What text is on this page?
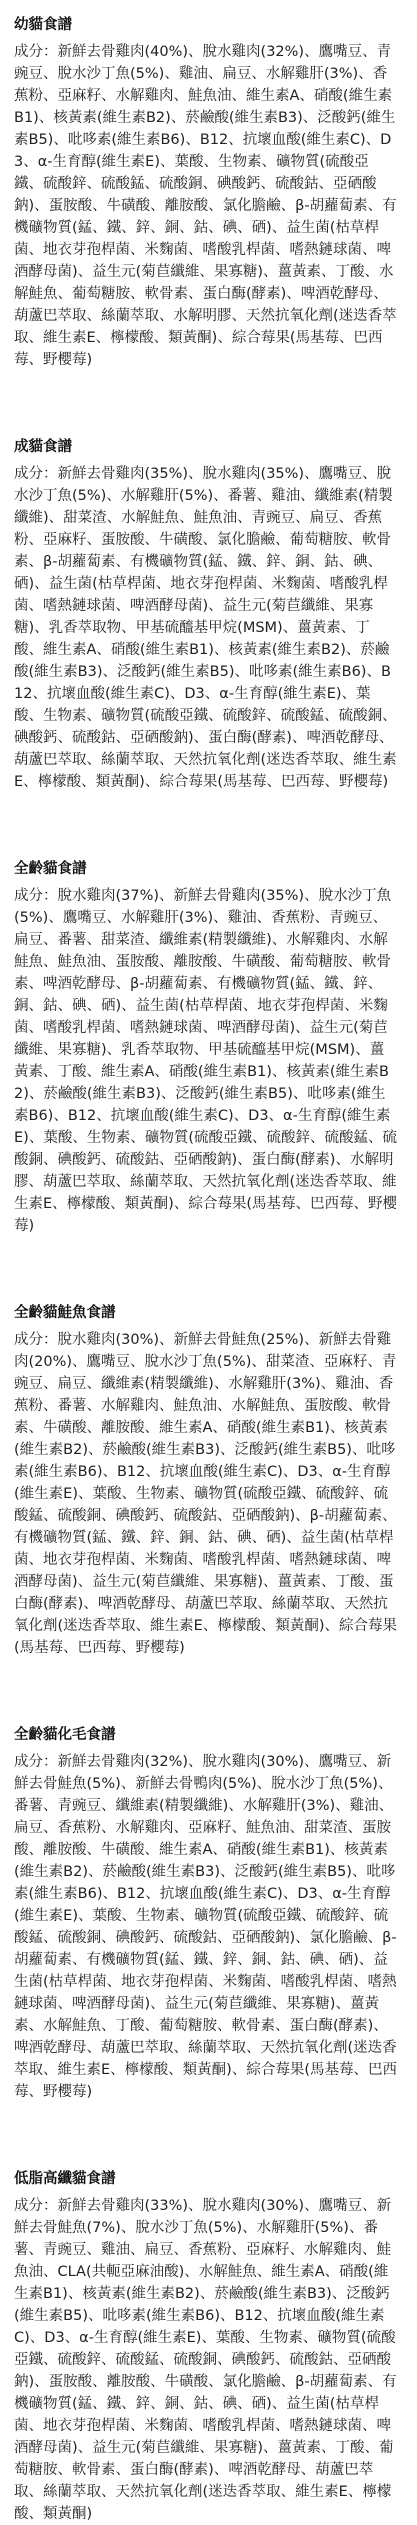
幼貓食譜

成分：新鮮去骨雞肉(40%)、脫水雞肉(32%)、鷹嘴豆、青豌豆、脫水沙丁魚(5%)、雞油、扁豆、水解雞肝(3%)、香蕉粉、亞麻籽、水解雞肉、鮭魚油、維生素A、硝酸(維生素B1)、核黃素(維生素B2)、菸鹼酸(維生素B3)、泛酸鈣(維生素B5)、吡哆素(維生素B6)、B12、抗壞血酸(維生素C)、D3、α-生育醇(維生素E)、葉酸、生物素、礦物質(硫酸亞鐵、硫酸鋅、硫酸錳、硫酸銅、碘酸鈣、硫酸鈷、亞硒酸鈉)、蛋胺酸、牛磺酸、離胺酸、氯化膽鹼、β-胡蘿蔔素、有機礦物質(錳、鐵、鋅、銅、鈷、碘、硒)、益生菌(枯草桿菌、地衣芽孢桿菌、米麴菌、嗜酸乳桿菌、嗜熱鏈球菌、啤酒酵母菌)、益生元(菊苣纖維、果寡糖)、薑黃素、丁酸、水解鮭魚、葡萄糖胺、軟骨素、蛋白酶(酵素)、啤酒乾酵母、葫蘆巴萃取、絲蘭萃取、水解明膠、天然抗氧化劑(迷迭香萃取、維生素E、檸檬酸、類黃酮)、綜合莓果(馬基莓、巴西莓、野櫻莓)

成貓食譜

成分：新鮮去骨雞肉(35%)、脫水雞肉(35%)、鷹嘴豆、脫水沙丁魚(5%)、水解雞肝(5%)、番薯、雞油、纖維素(精製纖維)、甜菜渣、水解鮭魚、鮭魚油、青豌豆、扁豆、香蕉粉、亞麻籽、蛋胺酸、牛磺酸、氯化膽鹼、葡萄糖胺、軟骨素、β-胡蘿蔔素、有機礦物質(錳、鐵、鋅、銅、鈷、碘、硒)、益生菌(枯草桿菌、地衣芽孢桿菌、米麴菌、嗜酸乳桿菌、嗜熱鏈球菌、啤酒酵母菌)、益生元(菊苣纖維、果寡糖)、乳香萃取物、甲基硫醯基甲烷(MSM)、薑黃素、丁酸、維生素A、硝酸(維生素B1)、核黃素(維生素B2)、菸鹼酸(維生素B3)、泛酸鈣(維生素B5)、吡哆素(維生素B6)、B12、抗壞血酸(維生素C)、D3、α-生育醇(維生素E)、葉酸、生物素、礦物質(硫酸亞鐵、硫酸鋅、硫酸錳、硫酸銅、碘酸鈣、硫酸鈷、亞硒酸鈉)、蛋白酶(酵素)、啤酒乾酵母、葫蘆巴萃取、絲蘭萃取、天然抗氧化劑(迷迭香萃取、維生素E、檸檬酸、類黃酮)、綜合莓果(馬基莓、巴西莓、野櫻莓)

全齡貓食譜

成分：脫水雞肉(37%)、新鮮去骨雞肉(35%)、脫水沙丁魚(5%)、鷹嘴豆、水解雞肝(3%)、雞油、香蕉粉、青豌豆、扁豆、番薯、甜菜渣、纖維素(精製纖維)、水解雞肉、水解鮭魚、鮭魚油、蛋胺酸、離胺酸、牛磺酸、葡萄糖胺、軟骨素、啤酒乾酵母、β-胡蘿蔔素、有機礦物質(錳、鐵、鋅、銅、鈷、碘、硒)、益生菌(枯草桿菌、地衣芽孢桿菌、米麴菌、嗜酸乳桿菌、嗜熱鏈球菌、啤酒酵母菌)、益生元(菊苣纖維、果寡糖)、乳香萃取物、甲基硫醯基甲烷(MSM)、薑黃素、丁酸、維生素A、硝酸(維生素B1)、核黃素(維生素B2)、菸鹼酸(維生素B3)、泛酸鈣(維生素B5)、吡哆素(維生素B6)、B12、抗壞血酸(維生素C)、D3、α-生育醇(維生素E)、葉酸、生物素、礦物質(硫酸亞鐵、硫酸鋅、硫酸錳、硫酸銅、碘酸鈣、硫酸鈷、亞硒酸鈉)、蛋白酶(酵素)、水解明膠、葫蘆巴萃取、絲蘭萃取、天然抗氧化劑(迷迭香萃取、維生素E、檸檬酸、類黃酮)、綜合莓果(馬基莓、巴西莓、野櫻莓)

全齡貓鮭魚食譜

成分：脫水雞肉(30%)、新鮮去骨鮭魚(25%)、新鮮去骨雞肉(20%)、鷹嘴豆、脫水沙丁魚(5%)、甜菜渣、亞麻籽、青豌豆、扁豆、纖維素(精製纖維)、水解雞肝(3%)、雞油、香蕉粉、番薯、水解雞肉、鮭魚油、水解鮭魚、蛋胺酸、軟骨素、牛磺酸、離胺酸、維生素A、硝酸(維生素B1)、核黃素(維生素B2)、菸鹼酸(維生素B3)、泛酸鈣(維生素B5)、吡哆素(維生素B6)、B12、抗壞血酸(維生素C)、D3、α-生育醇(維生素E)、葉酸、生物素、礦物質(硫酸亞鐵、硫酸鋅、硫酸錳、硫酸銅、碘酸鈣、硫酸鈷、亞硒酸鈉)、β-胡蘿蔔素、有機礦物質(錳、鐵、鋅、銅、鈷、碘、硒)、益生菌(枯草桿菌、地衣芽孢桿菌、米麴菌、嗜酸乳桿菌、嗜熱鏈球菌、啤酒酵母菌)、益生元(菊苣纖維、果寡糖)、薑黃素、丁酸、蛋白酶(酵素)、啤酒乾酵母、葫蘆巴萃取、絲蘭萃取、天然抗氧化劑(迷迭香萃取、維生素E、檸檬酸、類黃酮)、綜合莓果(馬基莓、巴西莓、野櫻莓)

全齡貓化毛食譜

成分：新鮮去骨雞肉(32%)、脫水雞肉(30%)、鷹嘴豆、新鮮去骨鮭魚(5%)、新鮮去骨鴨肉(5%)、脫水沙丁魚(5%)、番薯、青豌豆、纖維素(精製纖維)、水解雞肝(3%)、雞油、扁豆、香蕉粉、水解雞肉、亞麻籽、鮭魚油、甜菜渣、蛋胺酸、離胺酸、牛磺酸、維生素A、硝酸(維生素B1)、核黃素(維生素B2)、菸鹼酸(維生素B3)、泛酸鈣(維生素B5)、吡哆素(維生素B6)、B12、抗壞血酸(維生素C)、D3、α-生育醇(維生素E)、葉酸、生物素、礦物質(硫酸亞鐵、硫酸鋅、硫酸錳、硫酸銅、碘酸鈣、硫酸鈷、亞硒酸鈉)、氯化膽鹼、β-胡蘿蔔素、有機礦物質(錳、鐵、鋅、銅、鈷、碘、硒)、益生菌(枯草桿菌、地衣芽孢桿菌、米麴菌、嗜酸乳桿菌、嗜熱鏈球菌、啤酒酵母菌)、益生元(菊苣纖維、果寡糖)、薑黃素、水解鮭魚、丁酸、葡萄糖胺、軟骨素、蛋白酶(酵素)、啤酒乾酵母、葫蘆巴萃取、絲蘭萃取、天然抗氧化劑(迷迭香萃取、維生素E、檸檬酸、類黃酮)、綜合莓果(馬基莓、巴西莓、野櫻莓)

低脂高纖貓食譜

成分：新鮮去骨雞肉(33%)、脫水雞肉(30%)、鷹嘴豆、新鮮去骨鮭魚(7%)、脫水沙丁魚(5%)、水解雞肝(5%)、番薯、青豌豆、雞油、扁豆、香蕉粉、亞麻籽、水解雞肉、鮭魚油、CLA(共軛亞麻油酸)、水解鮭魚、維生素A、硝酸(維生素B1)、核黃素(維生素B2)、菸鹼酸(維生素B3)、泛酸鈣(維生素B5)、吡哆素(維生素B6)、B12、抗壞血酸(維生素C)、D3、α-生育醇(維生素E)、葉酸、生物素、礦物質(硫酸亞鐵、硫酸鋅、硫酸錳、硫酸銅、碘酸鈣、硫酸鈷、亞硒酸鈉)、蛋胺酸、離胺酸、牛磺酸、氯化膽鹼、β-胡蘿蔔素、有機礦物質(錳、鐵、鋅、銅、鈷、碘、硒)、益生菌(枯草桿菌、地衣芽孢桿菌、米麴菌、嗜酸乳桿菌、嗜熱鏈球菌、啤酒酵母菌)、益生元(菊苣纖維、果寡糖)、薑黃素、丁酸、葡萄糖胺、軟骨素、蛋白酶(酵素)、啤酒乾酵母、葫蘆巴萃取、絲蘭萃取、天然抗氧化劑(迷迭香萃取、維生素E、檸檬酸、類黃酮)
